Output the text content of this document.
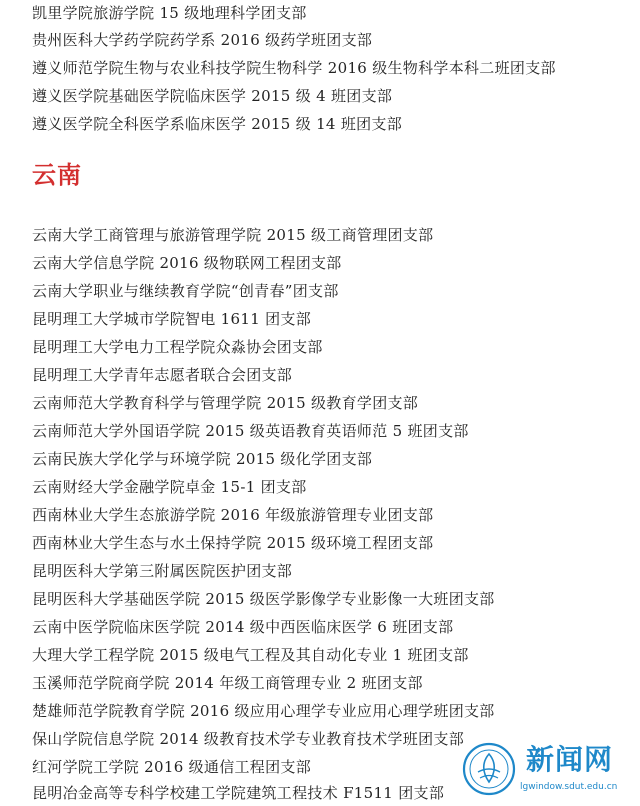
凯里学院旅游学院 15 级地理科学团支部
贵州医科大学药学院药学系 2016 级药学班团支部
遵义师范学院生物与农业科技学院生物科学 2016 级生物科学本科二班团支部
遵义医学院基础医学院临床医学 2015 级 4 班团支部
遵义医学院全科医学系临床医学 2015 级 14 班团支部
云南
云南大学工商管理与旅游管理学院 2015 级工商管理团支部
云南大学信息学院 2016 级物联网工程团支部
云南大学职业与继续教育学院“创青春”团支部
昆明理工大学城市学院智电 1611 团支部
昆明理工大学电力工程学院众淼协会团支部
昆明理工大学青年志愿者联合会团支部
云南师范大学教育科学与管理学院 2015 级教育学团支部
云南师范大学外国语学院 2015 级英语教育英语师范 5 班团支部
云南民族大学化学与环境学院 2015 级化学团支部
云南财经大学金融学院卓金 15-1 团支部
西南林业大学生态旅游学院 2016 年级旅游管理专业团支部
西南林业大学生态与水土保持学院 2015 级环境工程团支部
昆明医科大学第三附属医院医护团支部
昆明医科大学基础医学院 2015 级医学影像学专业影像一大班团支部
云南中医学院临床医学院 2014 级中西医临床医学 6 班团支部
大理大学工程学院 2015 级电气工程及其自动化专业 1 班团支部
玉溪师范学院商学院 2014 年级工商管理专业 2 班团支部
楚雄师范学院教育学院 2016 级应用心理学专业应用心理学班团支部
保山学院信息学院 2014 级教育技术学专业教育技术学班团支部
红河学院工学院 2016 级通信工程团支部
昆明冶金高等专科学校建工学院建筑工程技术 F1511 团支部
新闻网
lgwindow.sdut.edu.cn
